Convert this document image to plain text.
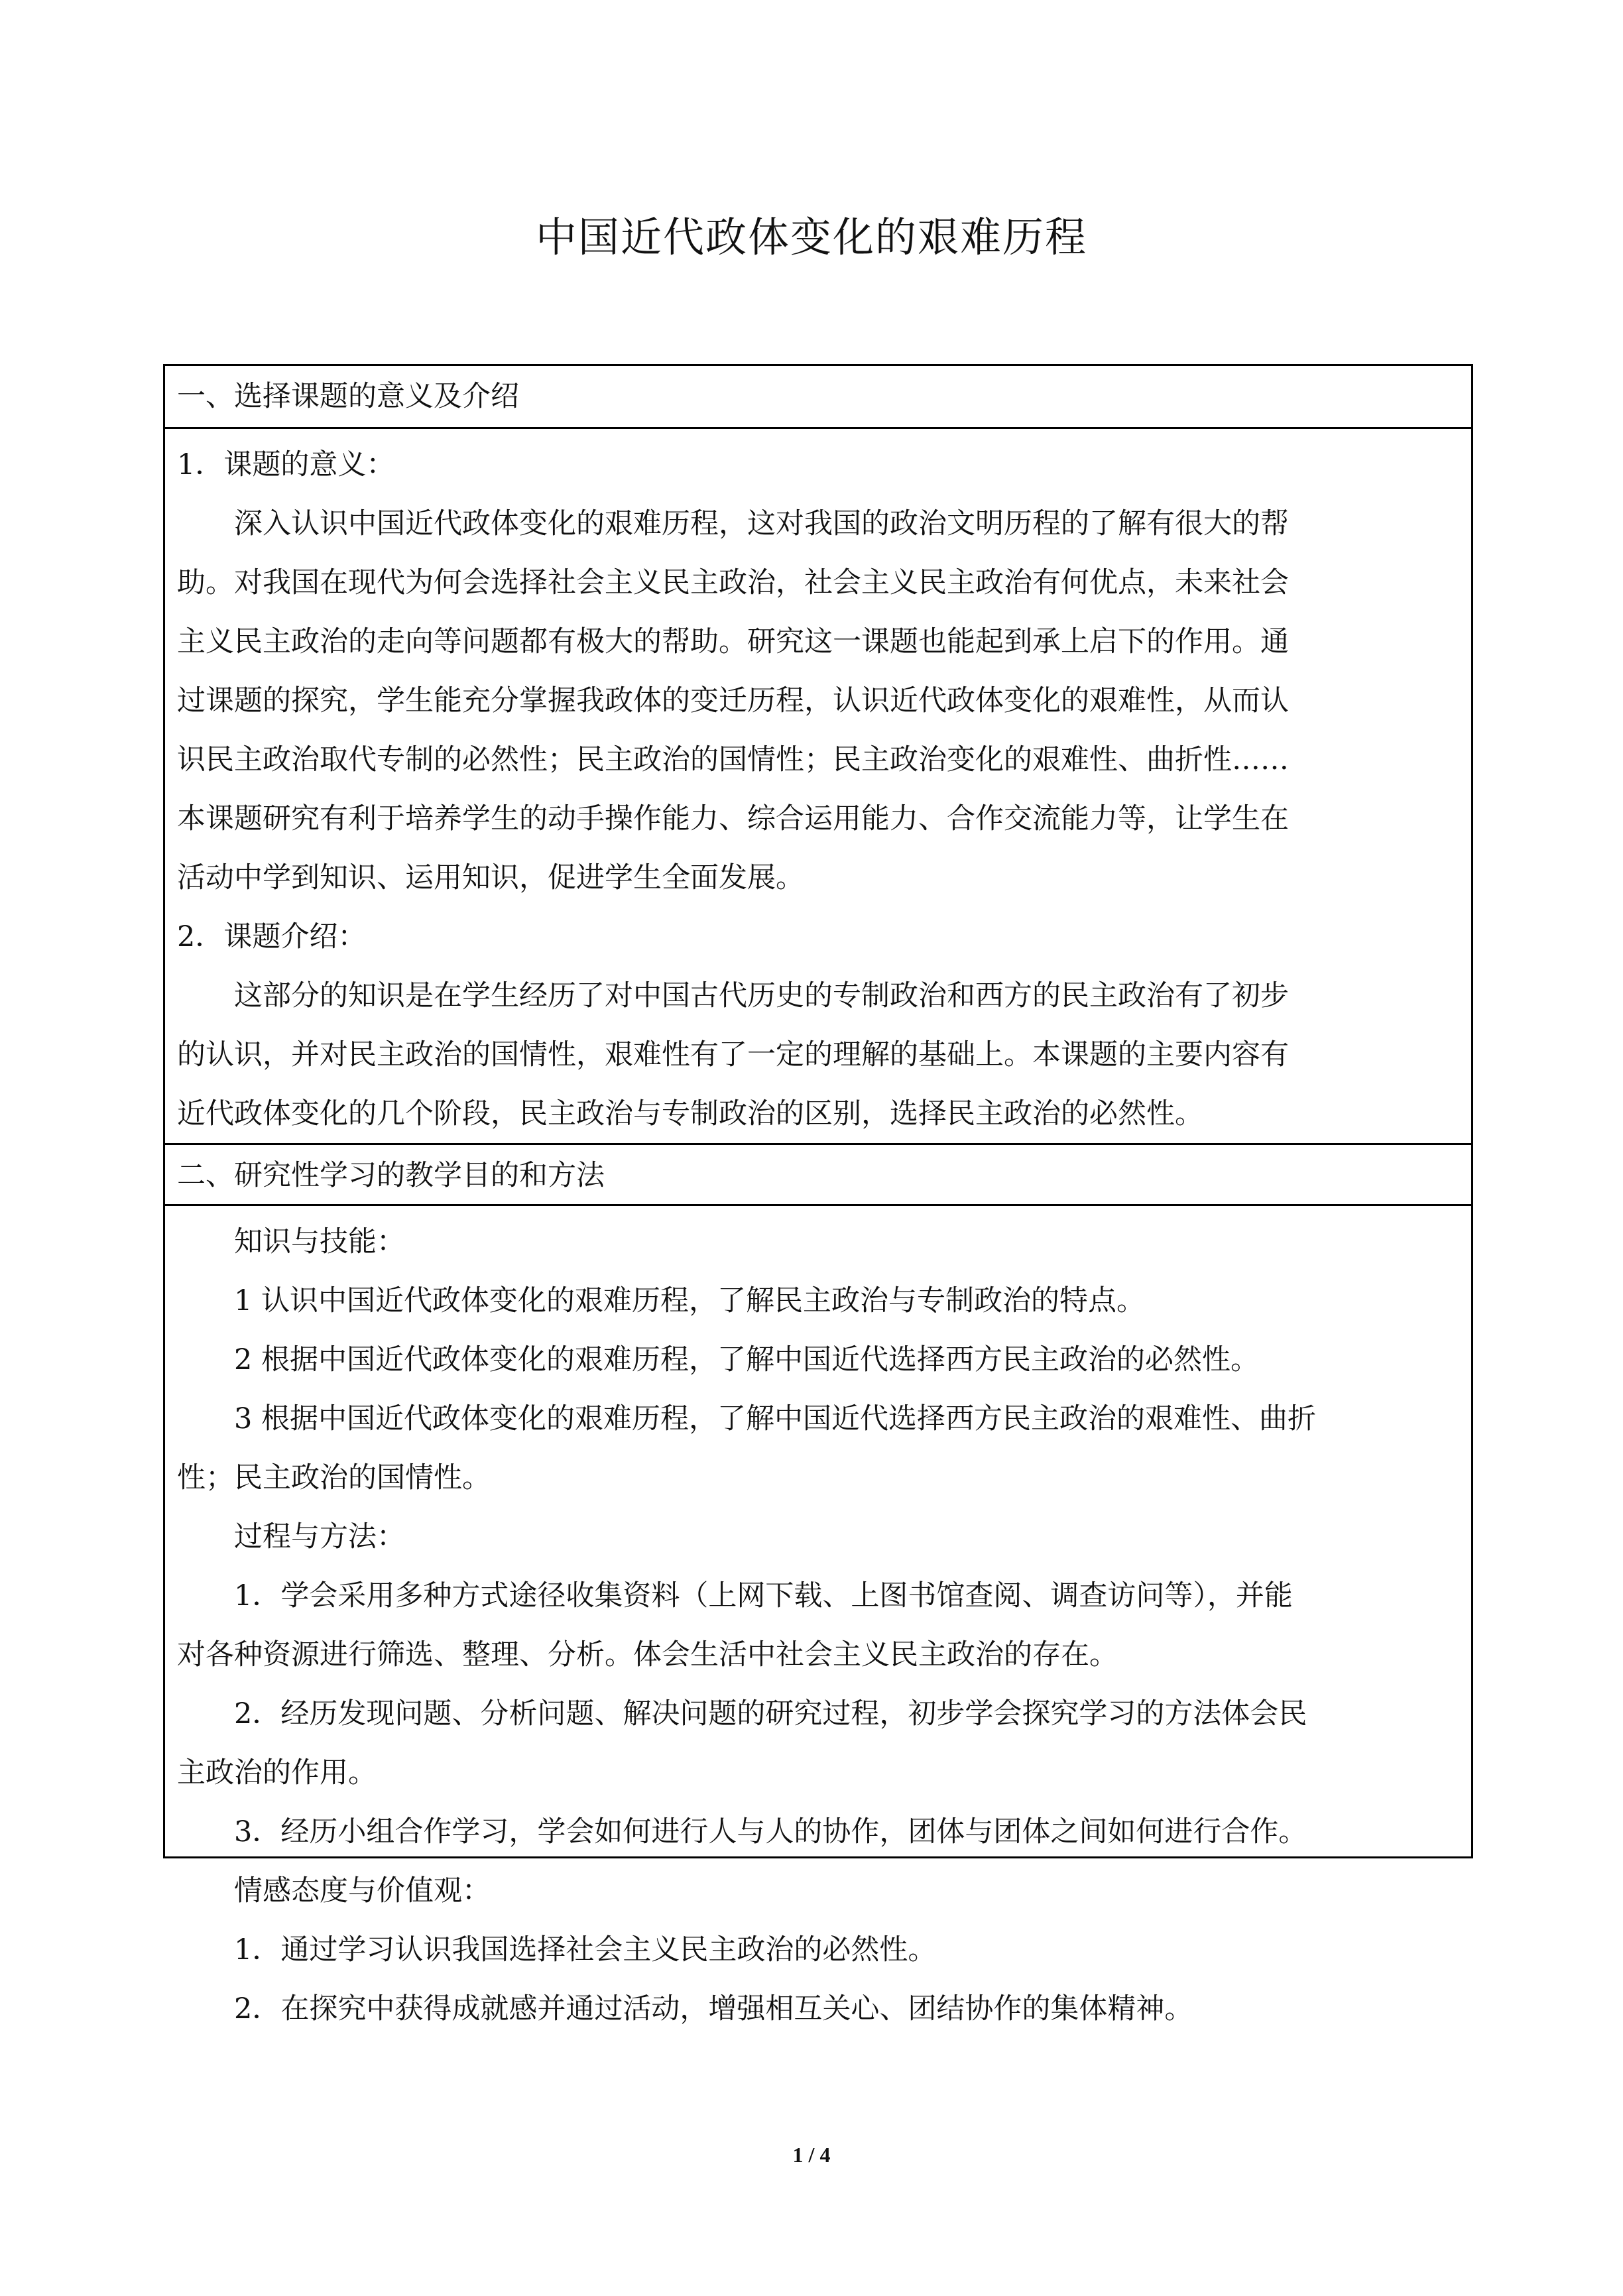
中国近代政体变化的艰难历程
一、选择课题的意义及介绍
1．课题的意义：
深入认识中国近代政体变化的艰难历程，这对我国的政治文明历程的了解有很大的帮
助。对我国在现代为何会选择社会主义民主政治，社会主义民主政治有何优点，未来社会
主义民主政治的走向等问题都有极大的帮助。研究这一课题也能起到承上启下的作用。通
过课题的探究，学生能充分掌握我政体的变迁历程，认识近代政体变化的艰难性，从而认
识民主政治取代专制的必然性；民主政治的国情性；民主政治变化的艰难性、曲折性……
本课题研究有利于培养学生的动手操作能力、综合运用能力、合作交流能力等，让学生在
活动中学到知识、运用知识，促进学生全面发展。
2．课题介绍：
这部分的知识是在学生经历了对中国古代历史的专制政治和西方的民主政治有了初步
的认识，并对民主政治的国情性，艰难性有了一定的理解的基础上。本课题的主要内容有
近代政体变化的几个阶段，民主政治与专制政治的区别，选择民主政治的必然性。
二、研究性学习的教学目的和方法
知识与技能：
1 认识中国近代政体变化的艰难历程，了解民主政治与专制政治的特点。
2 根据中国近代政体变化的艰难历程，了解中国近代选择西方民主政治的必然性。
3 根据中国近代政体变化的艰难历程，了解中国近代选择西方民主政治的艰难性、曲折
性；民主政治的国情性。
过程与方法：
1．学会采用多种方式途径收集资料（上网下载、上图书馆查阅、调查访问等），并能
对各种资源进行筛选、整理、分析。体会生活中社会主义民主政治的存在。
2．经历发现问题、分析问题、解决问题的研究过程，初步学会探究学习的方法体会民
主政治的作用。
3．经历小组合作学习，学会如何进行人与人的协作，团体与团体之间如何进行合作。
情感态度与价值观：
1．通过学习认识我国选择社会主义民主政治的必然性。
2．在探究中获得成就感并通过活动，增强相互关心、团结协作的集体精神。
1 / 4
